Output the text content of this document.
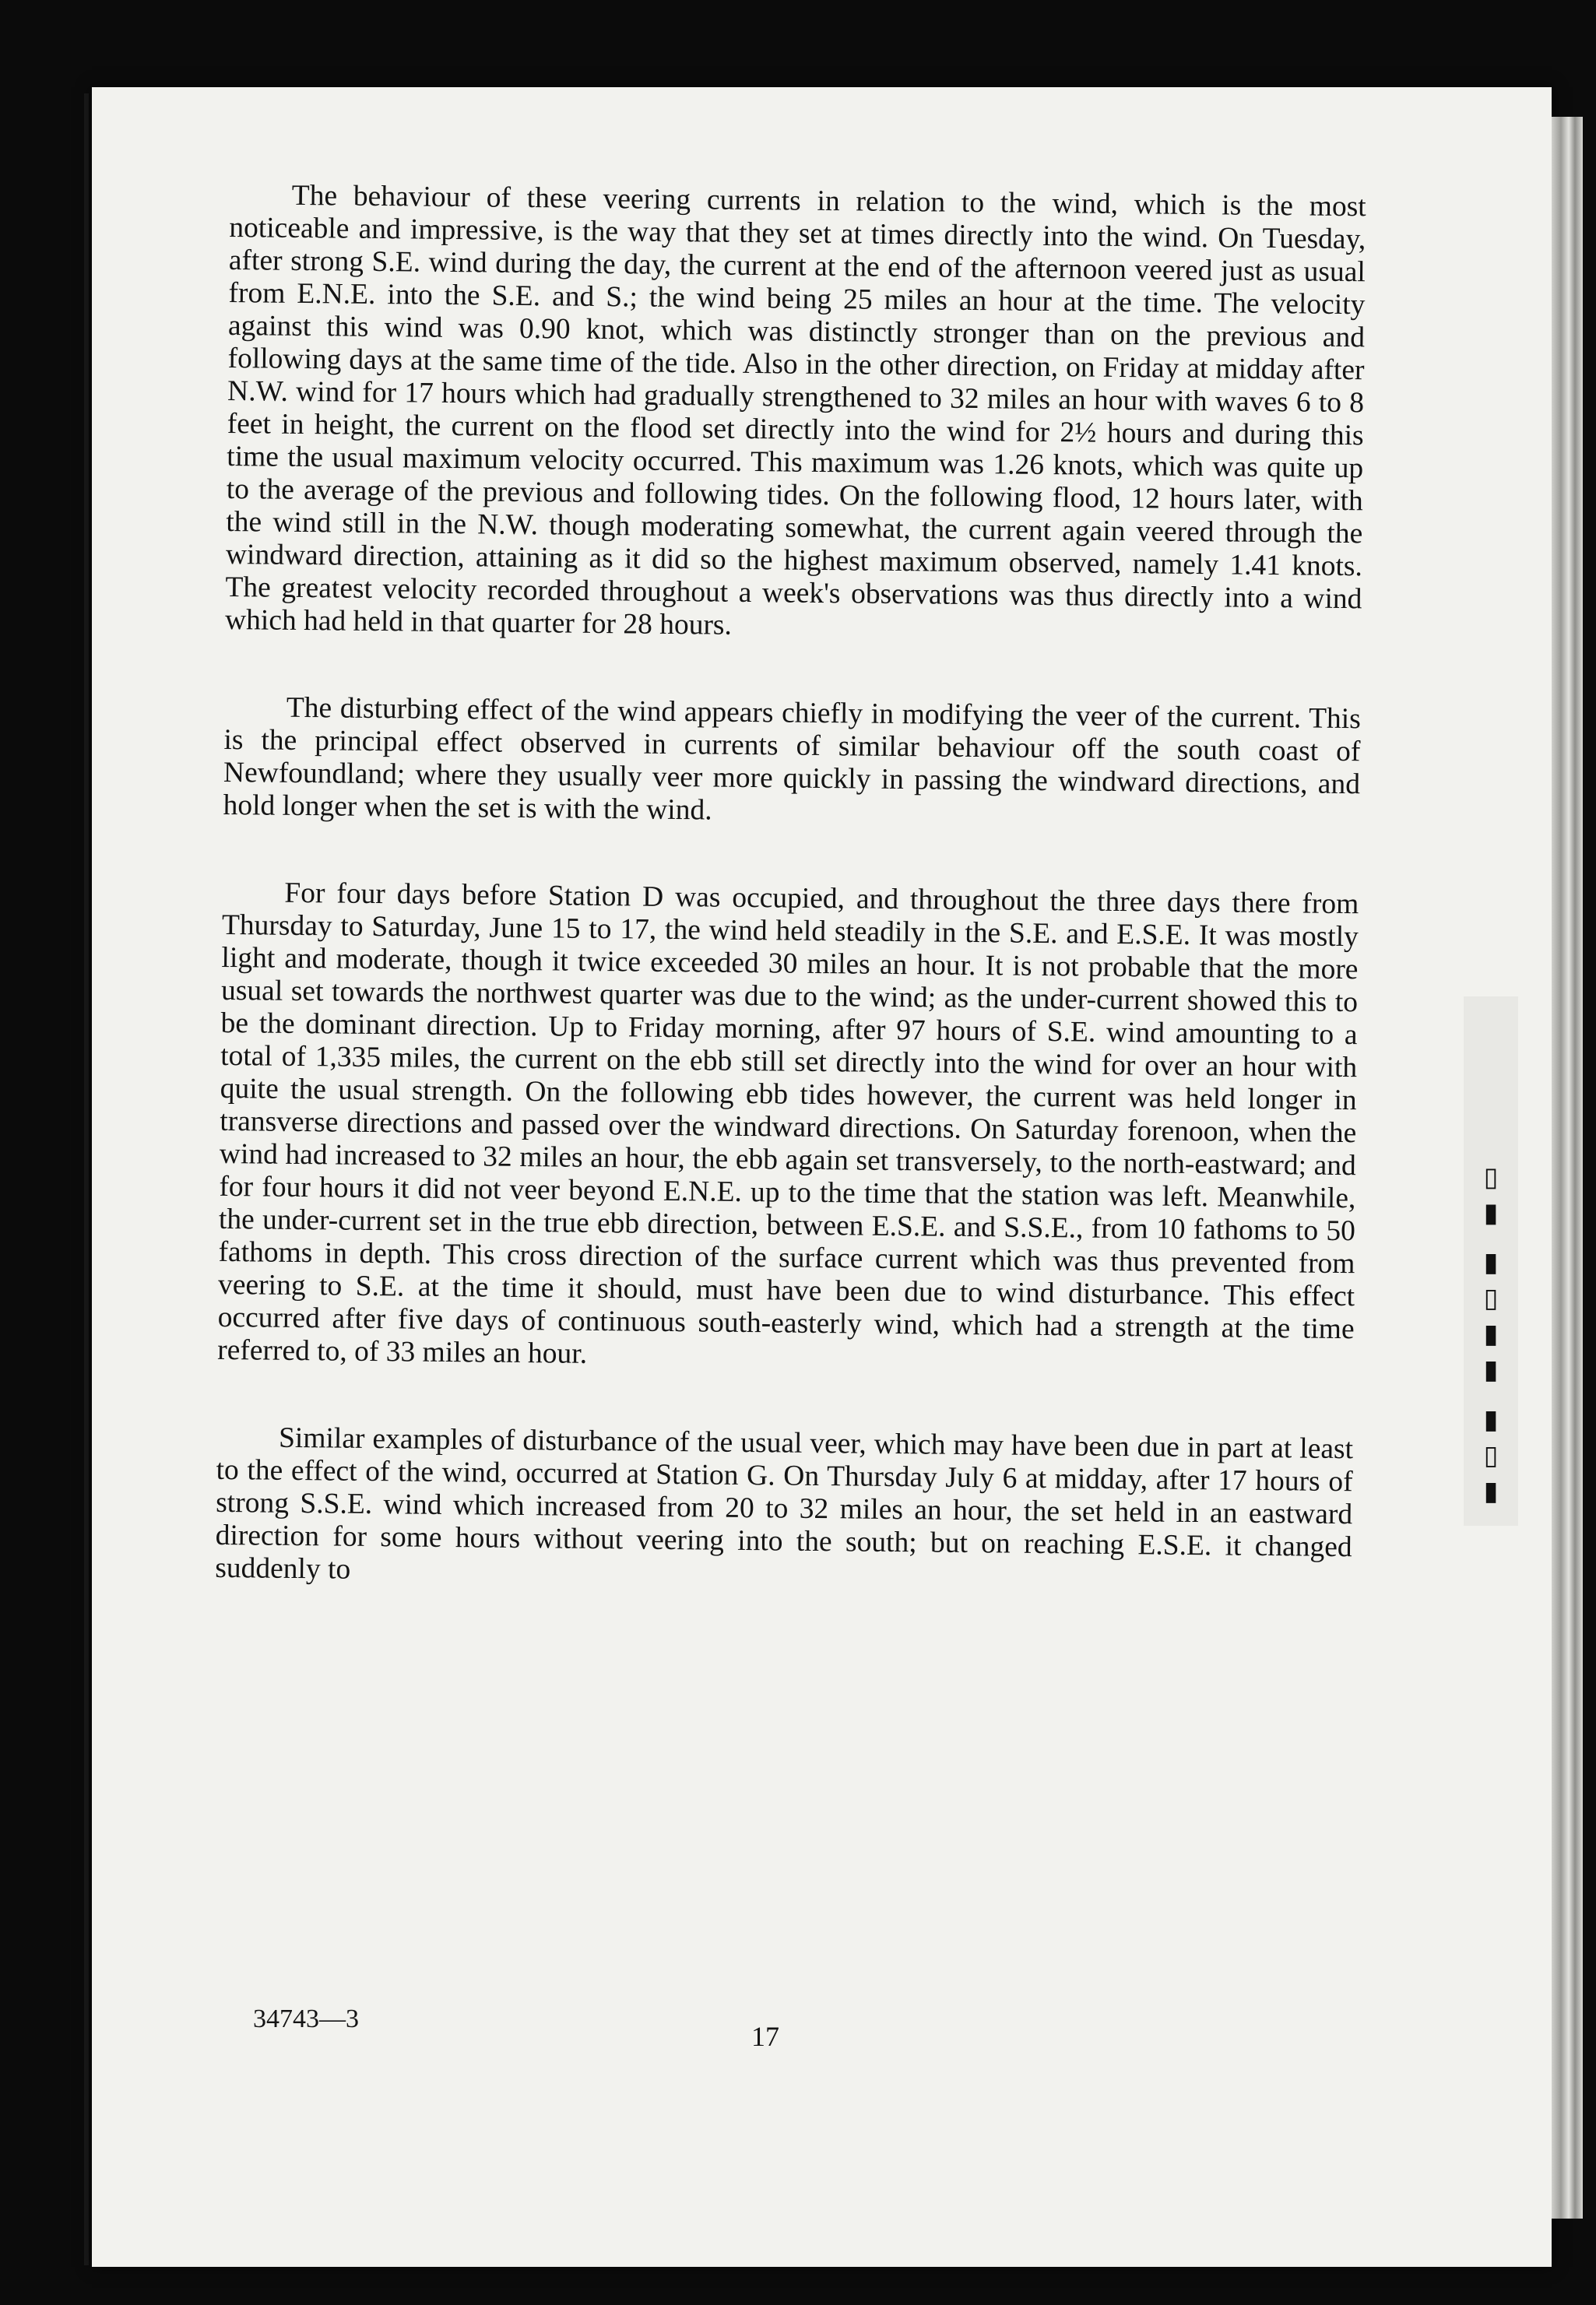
▮▯▮ ▮▮▯▮ ▮▯

The behaviour of these veering currents in relation to the wind, which is the most noticeable and impressive, is the way that they set at times directly into the wind. On Tuesday, after strong S.E. wind during the day, the current at the end of the afternoon veered just as usual from E.N.E. into the S.E. and S.; the wind being 25 miles an hour at the time. The velocity against this wind was 0.90 knot, which was distinctly stronger than on the previous and following days at the same time of the tide. Also in the other direction, on Friday at midday after N.W. wind for 17 hours which had gradually strengthened to 32 miles an hour with waves 6 to 8 feet in height, the current on the flood set directly into the wind for 2½ hours and during this time the usual maximum velocity occurred. This maximum was 1.26 knots, which was quite up to the average of the previous and following tides. On the following flood, 12 hours later, with the wind still in the N.W. though moderating somewhat, the current again veered through the windward direction, attaining as it did so the highest maximum observed, namely 1.41 knots. The greatest velocity recorded throughout a week's observations was thus directly into a wind which had held in that quarter for 28 hours.

The disturbing effect of the wind appears chiefly in modifying the veer of the current. This is the principal effect observed in currents of similar behaviour off the south coast of Newfoundland; where they usually veer more quickly in passing the windward directions, and hold longer when the set is with the wind.

For four days before Station D was occupied, and throughout the three days there from Thursday to Saturday, June 15 to 17, the wind held steadily in the S.E. and E.S.E. It was mostly light and moderate, though it twice exceeded 30 miles an hour. It is not probable that the more usual set towards the northwest quarter was due to the wind; as the under-current showed this to be the dominant direction. Up to Friday morning, after 97 hours of S.E. wind amounting to a total of 1,335 miles, the current on the ebb still set directly into the wind for over an hour with quite the usual strength. On the following ebb tides however, the current was held longer in transverse directions and passed over the windward directions. On Saturday forenoon, when the wind had increased to 32 miles an hour, the ebb again set transversely, to the north-eastward; and for four hours it did not veer beyond E.N.E. up to the time that the station was left. Meanwhile, the under-current set in the true ebb direction, between E.S.E. and S.S.E., from 10 fathoms to 50 fathoms in depth. This cross direction of the surface current which was thus prevented from veering to S.E. at the time it should, must have been due to wind disturbance. This effect occurred after five days of continuous south-easterly wind, which had a strength at the time referred to, of 33 miles an hour.

Similar examples of disturbance of the usual veer, which may have been due in part at least to the effect of the wind, occurred at Station G. On Thursday July 6 at midday, after 17 hours of strong S.S.E. wind which increased from 20 to 32 miles an hour, the set held in an eastward direction for some hours without veering into the south; but on reaching E.S.E. it changed suddenly to

34743—3
17
